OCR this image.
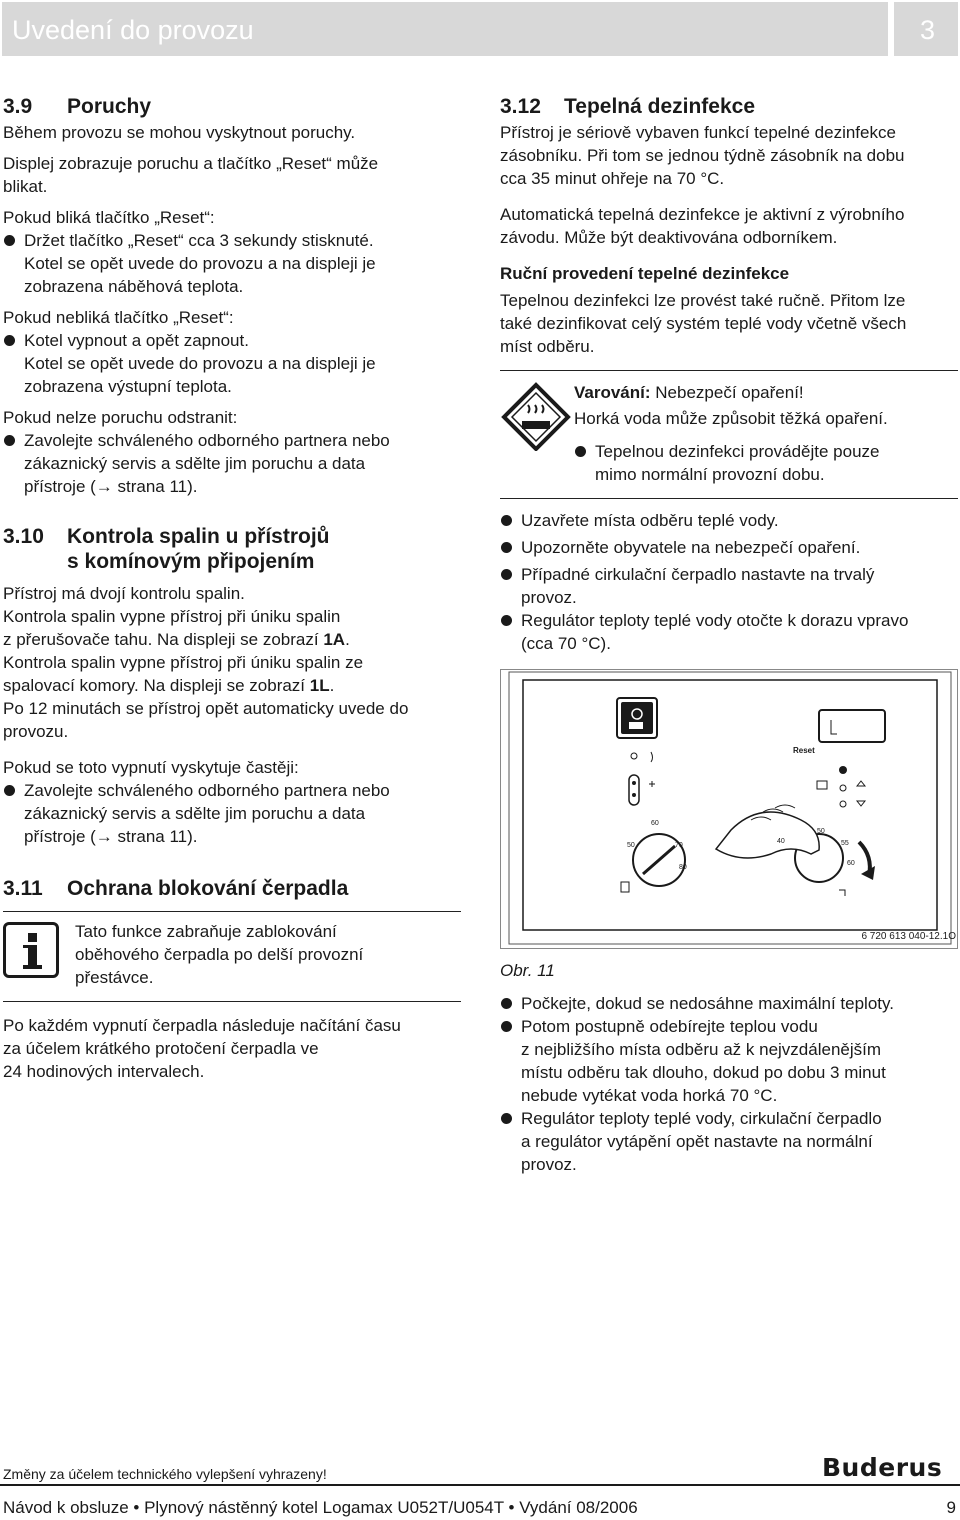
Uvedení do provozu	3
3.9	Poruchy

Během provozu se mohou vyskytnout poruchy.

Displej zobrazuje poruchu a tlačítko „Reset“ může

blikat.

Pokud bliká tlačítko „Reset“:

Držet tlačítko „Reset“ cca 3 sekundy stisknuté.

Kotel se opět uvede do provozu a na displeji je

zobrazena náběhová teplota.

Pokud nebliká tlačítko „Reset“:

Kotel vypnout a opět zapnout.

Kotel se opět uvede do provozu a na displeji je

zobrazena výstupní teplota.

Pokud nelze poruchu odstranit:

Zavolejte schváleného odborného partnera nebo

zákaznický servis a sdělte jim poruchu a data

přístroje (→ strana 11).

3.10	Kontrola spalin u přístrojů
s komínovým připojením

Přístroj má dvojí kontrolu spalin.

Kontrola spalin vypne přístroj při úniku spalin

z přerušovače tahu. Na displeji se zobrazí 1A.

Kontrola spalin vypne přístroj při úniku spalin ze

spalovací komory. Na displeji se zobrazí 1L.

Po 12 minutách se přístroj opět automaticky uvede do

provozu.

Pokud se toto vypnutí vyskytuje častěji:

Zavolejte schváleného odborného partnera nebo

zákaznický servis a sdělte jim poruchu a data

přístroje (→ strana 11).

3.11	Ochrana blokování čerpadla

Tato funkce zabraňuje zablokování

oběhového čerpadla po delší provozní

přestávce.

Po každém vypnutí čerpadla následuje načítání času

za účelem krátkého protočení čerpadla ve

24 hodinových intervalech.

3.12	Tepelná dezinfekce

Přístroj je sériově vybaven funkcí tepelné dezinfekce

zásobníku. Při tom se jednou týdně zásobník na dobu

cca 35 minut ohřeje na 70 °C.

Automatická tepelná dezinfekce je aktivní z výrobního

závodu. Může být deaktivována odborníkem.

Ruční provedení tepelné dezinfekce

Tepelnou dezinfekci lze provést také ručně. Přitom lze

také dezinfikovat celý systém teplé vody včetně všech

míst odběru.

Varování: Nebezpečí opaření!

Horká voda může způsobit těžká opaření.

Tepelnou dezinfekci provádějte pouze

mimo normální provozní dobu.

Uzavřete místa odběru teplé vody.

Upozorněte obyvatele na nebezpečí opaření.

Případné cirkulační čerpadlo nastavte na trvalý

provoz.

Regulátor teploty teplé vody otočte k dorazu vpravo

(cca 70 °C).

Reset
60
50	70
80
40
50
55
60
6 720 613 040-12.1O

Obr. 11

Počkejte, dokud se nedosáhne maximální teploty.

Potom postupně odebírejte teplou vodu

z nejbližšího místa odběru až k nejvzdálenějším

místu odběru tak dlouho, dokud po dobu 3 minut

nebude vytékat voda horká 70 °C.

Regulátor teploty teplé vody, cirkulační čerpadlo

a regulátor vytápění opět nastavte na normální

provoz.

Změny za účelem technického vylepšení vyhrazeny!	Buderus
Návod k obsluze • Plynový nástěnný kotel Logamax U052T/U054T • Vydání 08/2006	9
